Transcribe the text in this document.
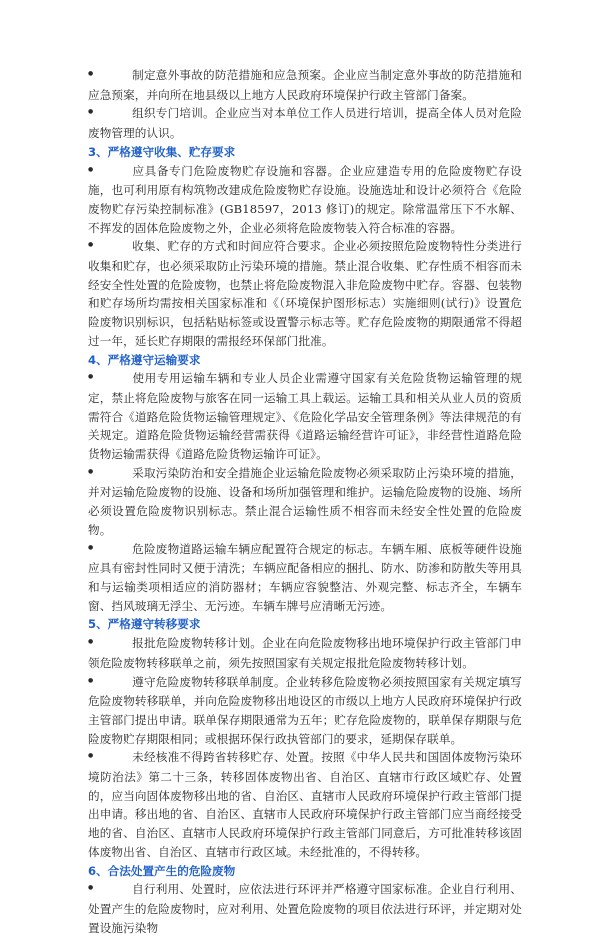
●制定意外事故的防范措施和应急预案。企业应当制定意外事故的防范措施和应急预案，并向所在地县级以上地方人民政府环境保护行政主管部门备案。

●组织专门培训。企业应当对本单位工作人员进行培训，提高全体人员对危险废物管理的认识。

3、严格遵守收集、贮存要求

●应具备专门危险废物贮存设施和容器。企业应建造专用的危险废物贮存设施，也可利用原有构筑物改建成危险废物贮存设施。设施选址和设计必须符合《危险废物贮存污染控制标准》(GB18597，2013 修订)的规定。除常温常压下不水解、不挥发的固体危险废物之外，企业必须将危险废物装入符合标准的容器。

●收集、贮存的方式和时间应符合要求。企业必须按照危险废物特性分类进行收集和贮存，也必须采取防止污染环境的措施。禁止混合收集、贮存性质不相容而未经安全性处置的危险废物，也禁止将危险废物混入非危险废物中贮存。容器、包装物和贮存场所均需按相关国家标准和《（环境保护图形标志）实施细则(试行)》设置危险废物识别标识，包括粘贴标签或设置警示标志等。贮存危险废物的期限通常不得超过一年，延长贮存期限的需报经环保部门批准。

4、严格遵守运输要求

●使用专用运输车辆和专业人员企业需遵守国家有关危险货物运输管理的规定，禁止将危险废物与旅客在同一运输工具上载运。运输工具和相关从业人员的资质需符合《道路危险货物运输管理规定》、《危险化学品安全管理条例》等法律规范的有关规定。道路危险货物运输经营需获得《道路运输经营许可证》，非经营性道路危险货物运输需获得《道路危险货物运输许可证》。

●采取污染防治和安全措施企业运输危险废物必须采取防止污染环境的措施，并对运输危险废物的设施、设备和场所加强管理和维护。运输危险废物的设施、场所必须设置危险废物识别标志。禁止混合运输性质不相容而未经安全性处置的危险废物。

●危险废物道路运输车辆应配置符合规定的标志。车辆车厢、底板等硬件设施应具有密封性同时又便于清洗；车辆应配备相应的捆扎、防水、防渗和防散失等用具和与运输类项相适应的消防器材；车辆应容貌整洁、外观完整、标志齐全，车辆车窗、挡风玻璃无浮尘、无污迹。车辆车牌号应清晰无污迹。

5、严格遵守转移要求

●报批危险废物转移计划。企业在向危险废物移出地环境保护行政主管部门申领危险废物转移联单之前，须先按照国家有关规定报批危险废物转移计划。

●遵守危险废物转移联单制度。企业转移危险废物必须按照国家有关规定填写危险废物转移联单，并向危险废物移出地设区的市级以上地方人民政府环境保护行政主管部门提出申请。联单保存期限通常为五年；贮存危险废物的，联单保存期限与危险废物贮存期限相同；或根据环保行政执管部门的要求，延期保存联单。

●未经核准不得跨省转移贮存、处置。按照《中华人民共和国固体废物污染环境防治法》第二十三条，转移固体废物出省、自治区、直辖市行政区域贮存、处置的，应当向固体废物移出地的省、自治区、直辖市人民政府环境保护行政主管部门提出申请。移出地的省、自治区、直辖市人民政府环境保护行政主管部门应当商经接受地的省、自治区、直辖市人民政府环境保护行政主管部门同意后，方可批准转移该固体废物出省、自治区、直辖市行政区域。未经批准的，不得转移。

6、合法处置产生的危险废物

●自行利用、处置时，应依法进行环评并严格遵守国家标准。企业自行利用、处置产生的危险废物时，应对利用、处置危险废物的项目依法进行环评，并定期对处置设施污染物
